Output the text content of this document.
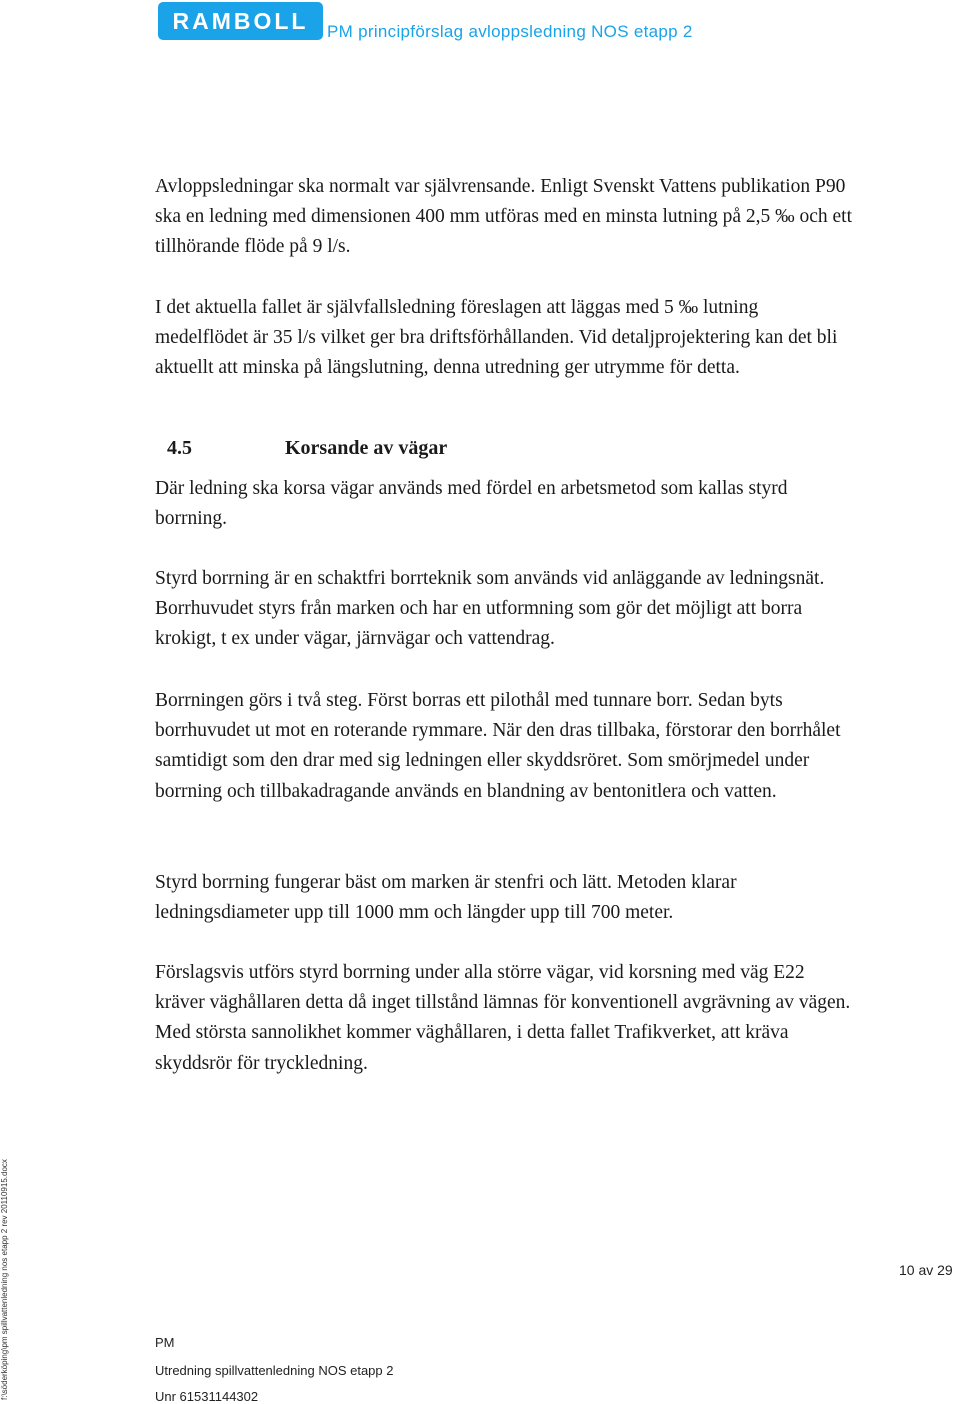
RAMBOLL PM principförslag avloppsledning NOS etapp 2

Avloppsledningar ska normalt var självrensande. Enligt Svenskt Vattens publikation P90 ska en ledning med dimensionen 400 mm utföras med en minsta lutning på 2,5 ‰ och ett tillhörande flöde på 9 l/s.

I det aktuella fallet är självfallsledning föreslagen att läggas med 5 ‰ lutning medelflödet är 35 l/s vilket ger bra driftsförhållanden. Vid detaljprojektering kan det bli aktuellt att minska på längslutning, denna utredning ger utrymme för detta.

4.5	Korsande av vägar

Där ledning ska korsa vägar används med fördel en arbetsmetod som kallas styrd borrning.

Styrd borrning är en schaktfri borrteknik som används vid anläggande av ledningsnät. Borrhuvudet styrs från marken och har en utformning som gör det möjligt att borra krokigt, t ex under vägar, järnvägar och vattendrag.

Borrningen görs i två steg. Först borras ett pilothål med tunnare borr. Sedan byts borrhuvudet ut mot en roterande rymmare. När den dras tillbaka, förstorar den borrhålet samtidigt som den drar med sig ledningen eller skyddsröret. Som smörjmedel under borrning och tillbakadragande används en blandning av bentonitlera och vatten.

Styrd borrning fungerar bäst om marken är stenfri och lätt. Metoden klarar ledningsdiameter upp till 1000 mm och längder upp till 700 meter.

Förslagsvis utförs styrd borrning under alla större vägar, vid korsning med väg E22 kräver väghållaren detta då inget tillstånd lämnas för konventionell avgrävning av vägen. Med största sannolikhet kommer väghållaren, i detta fallet Trafikverket, att kräva skyddsrör för tryckledning.

f:\söderköping\pm spillvattenledning nos etapp 2 rev 20110915.docx	10 av 29
PM
Utredning spillvattenledning NOS etapp 2
Unr 61531144302
